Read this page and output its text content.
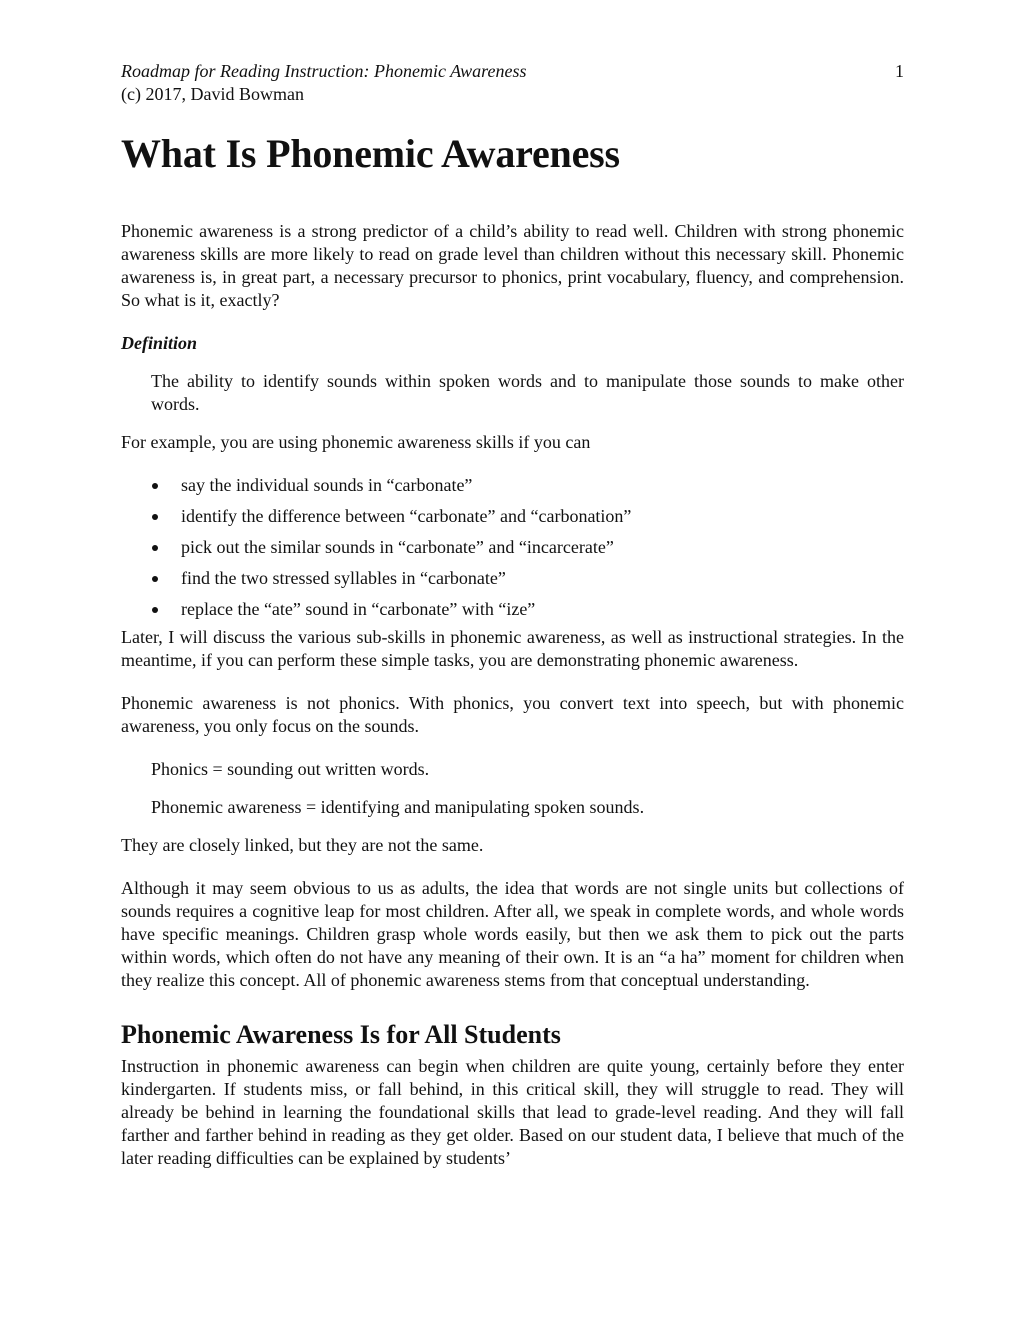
Roadmap for Reading Instruction: Phonemic Awareness	1
(c) 2017, David Bowman
What Is Phonemic Awareness

Phonemic awareness is a strong predictor of a child’s ability to read well. Children with strong phonemic awareness skills are more likely to read on grade level than children without this necessary skill. Phonemic awareness is, in great part, a necessary precursor to phonics, print vocabulary, fluency, and comprehension. So what is it, exactly?

Definition

The ability to identify sounds within spoken words and to manipulate those sounds to make other words.

For example, you are using phonemic awareness skills if you can

say the individual sounds in “carbonate”
identify the difference between “carbonate” and “carbonation”
pick out the similar sounds in “carbonate” and “incarcerate”
find the two stressed syllables in “carbonate”
replace the “ate” sound in “carbonate” with “ize”

Later, I will discuss the various sub-skills in phonemic awareness, as well as instructional strategies. In the meantime, if you can perform these simple tasks, you are demonstrating phonemic awareness.

Phonemic awareness is not phonics. With phonics, you convert text into speech, but with phonemic awareness, you only focus on the sounds.

Phonics = sounding out written words.

Phonemic awareness = identifying and manipulating spoken sounds.

They are closely linked, but they are not the same.

Although it may seem obvious to us as adults, the idea that words are not single units but collections of sounds requires a cognitive leap for most children. After all, we speak in complete words, and whole words have specific meanings. Children grasp whole words easily, but then we ask them to pick out the parts within words, which often do not have any meaning of their own. It is an “a ha” moment for children when they realize this concept. All of phonemic awareness stems from that conceptual understanding.

Phonemic Awareness Is for All Students

Instruction in phonemic awareness can begin when children are quite young, certainly before they enter kindergarten. If students miss, or fall behind, in this critical skill, they will struggle to read. They will already be behind in learning the foundational skills that lead to grade-level reading. And they will fall farther and farther behind in reading as they get older. Based on our student data, I believe that much of the later reading difficulties can be explained by students’
